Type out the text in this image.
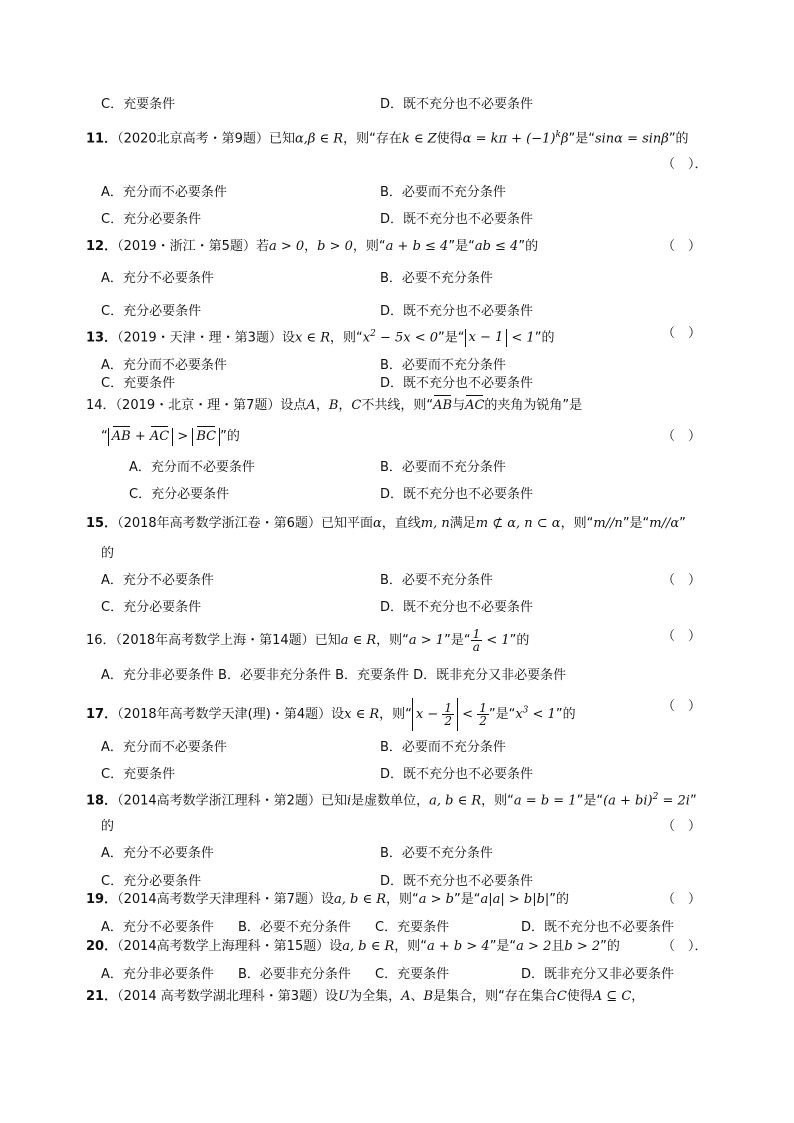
C．充要条件	D．既不充分也不必要条件
11．（2020北京高考・第9题）已知α,β ∈ R，则“存在k ∈ Z使得$\alpha = k\pi + (-1)^k\beta$”是“sinα = sinβ”的
（　）．
A．充分而不必要条件	B．必要而不充分条件
C．充分必要条件	D．既不充分也不必要条件
12．（2019・浙江・第5题）若a > 0，b > 0，则“a + b ≤ 4”是“ab ≤ 4”的	（　）
A．充分不必要条件	B．必要不充分条件
C．充分必要条件	D．既不充分也不必要条件
13．（2019・天津・理・第3题）设x ∈ R，则“$x^2 - 5x < 0$”是“ x − 1 < 1”的	（　）
A．充分而不必要条件	B．必要而不充分条件
C．充要条件	D．既不充分也不必要条件
14．（2019・北京・理・第7题）设点A，B，C不共线，则“AB与AC的夹角为锐角”是
“ AB + AC > BC ”的	（　）
A．充分而不必要条件	B．必要而不充分条件
C．充分必要条件	D．既不充分也不必要条件
15．（2018年高考数学浙江卷・第6题）已知平面α，直线m, n满足m ⊄ α, n ⊂ α，则“m//n”是“m//α”
的
（　）
A．充分不必要条件	B．必要不充分条件
C．充分必要条件	D．既不充分也不必要条件
16．（2018年高考数学上海・第14题）已知a ∈ R，则“a > 1”是“ $\frac{1}{a} < 1$”的	（　）
A．充分非必要条件 B．必要非充分条件 B．充要条件 D．既非充分又非必要条件
17．（2018年高考数学天津(理)・第4题）设x ∈ R，则“ $x - \frac{1}{2} < \frac{1}{2}$ ”是“$x^3 < 1$”的
（　）
A．充分而不必要条件	B．必要而不充分条件
C．充要条件	D．既不充分也不必要条件
18．（2014高考数学浙江理科・第2题）已知i是虚数单位，a, b ∈ R，则“a = b = 1”是“(a + bi)$^2$ = 2i”
的	（　）
A．充分不必要条件	B．必要不充分条件
C．充分必要条件	D．既不充分也不必要条件
19．（2014高考数学天津理科・第7题）设a, b ∈ R，则“a > b”是“a|a| > b|b|”的	（　）
A．充分不必要条件 B．必要不充分条件 C．充要条件	D．既不充分也不必要条件
20．（2014高考数学上海理科・第15题）设a, b ∈ R，则“a + b > 4”是“a > 2且b > 2”的	（　）．
A．充分非必要条件 B．必要非充分条件 C．充要条件	D．既非充分又非必要条件
21．（2014 高考数学湖北理科・第3题）设U为全集，A、B是集合，则“存在集合C使得A ⊆ C，
